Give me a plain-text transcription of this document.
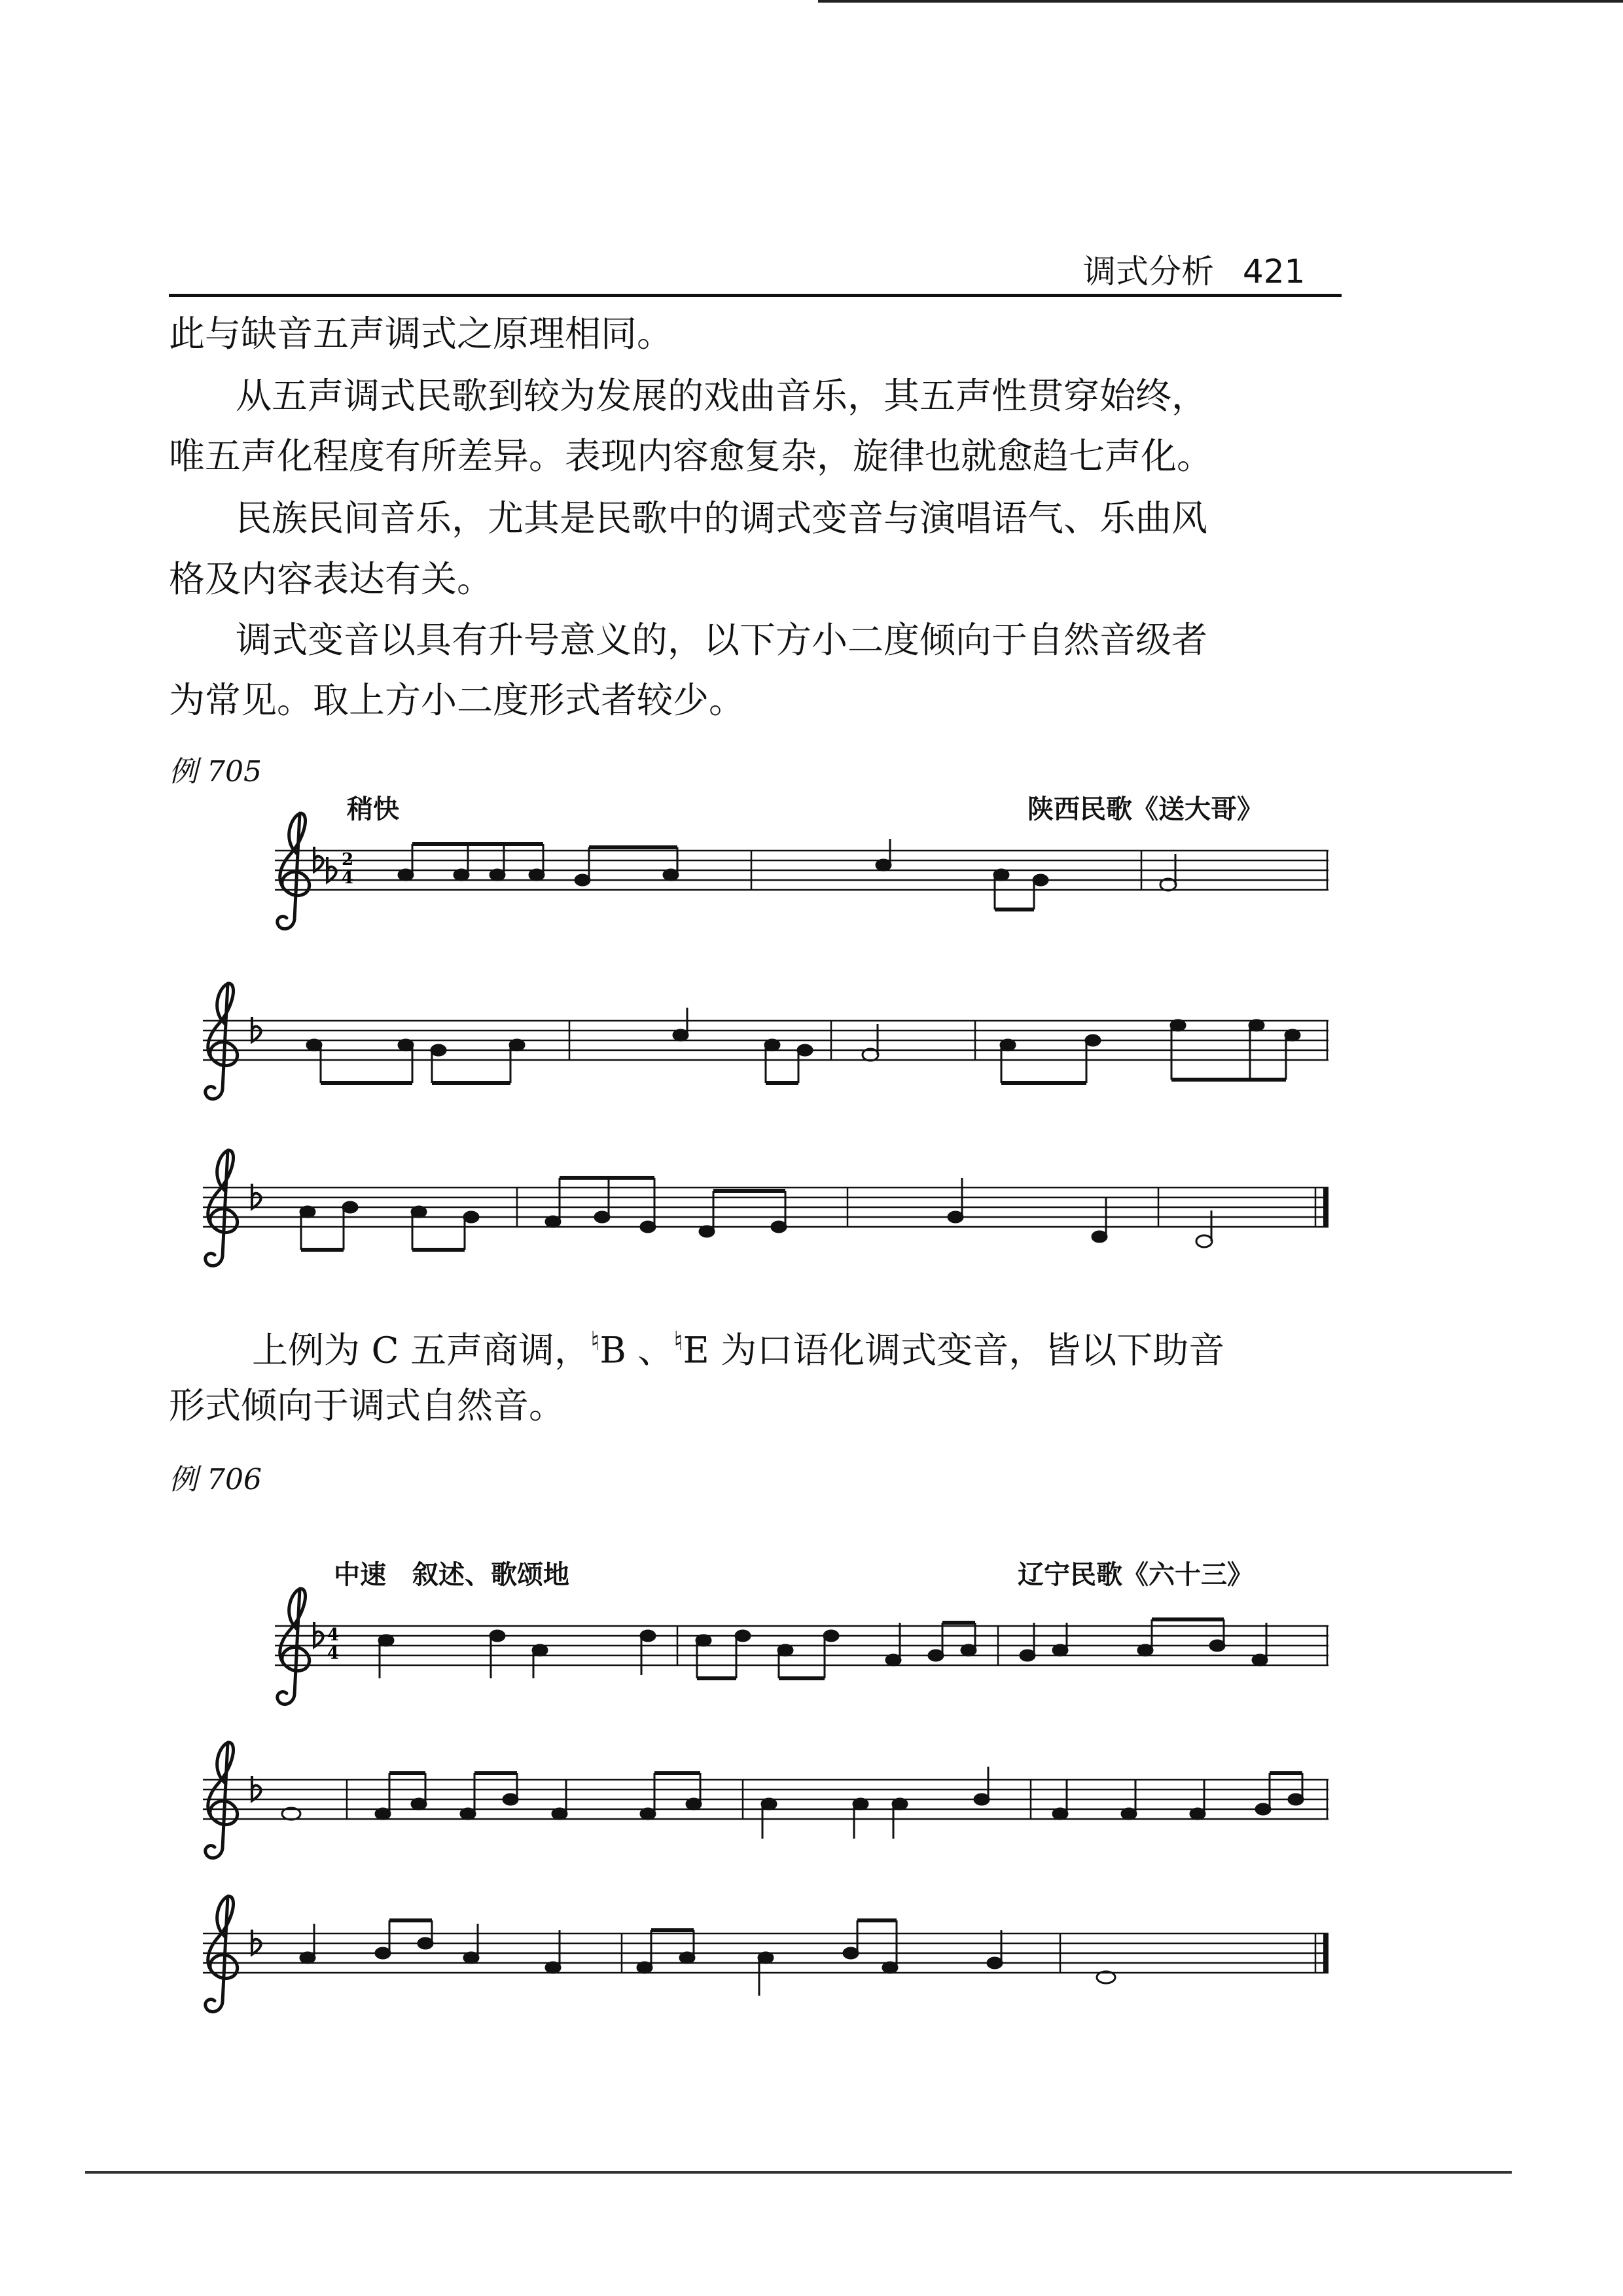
调式分析 421
此与缺音五声调式之原理相同。
从五声调式民歌到较为发展的戏曲音乐，其五声性贯穿始终，
唯五声化程度有所差异。表现内容愈复杂，旋律也就愈趋七声化。
民族民间音乐，尤其是民歌中的调式变音与演唱语气、乐曲风
格及内容表达有关。
调式变音以具有升号意义的，以下方小二度倾向于自然音级者
为常见。取上方小二度形式者较少。
例 705
稍快	陕西民歌《送大哥》
上例为 C 五声商调，♮B 、♮E 为口语化调式变音，皆以下助音
形式倾向于调式自然音。
例 706
中速　叙述、歌颂地	辽宁民歌《六十三》
2
4
4
4
